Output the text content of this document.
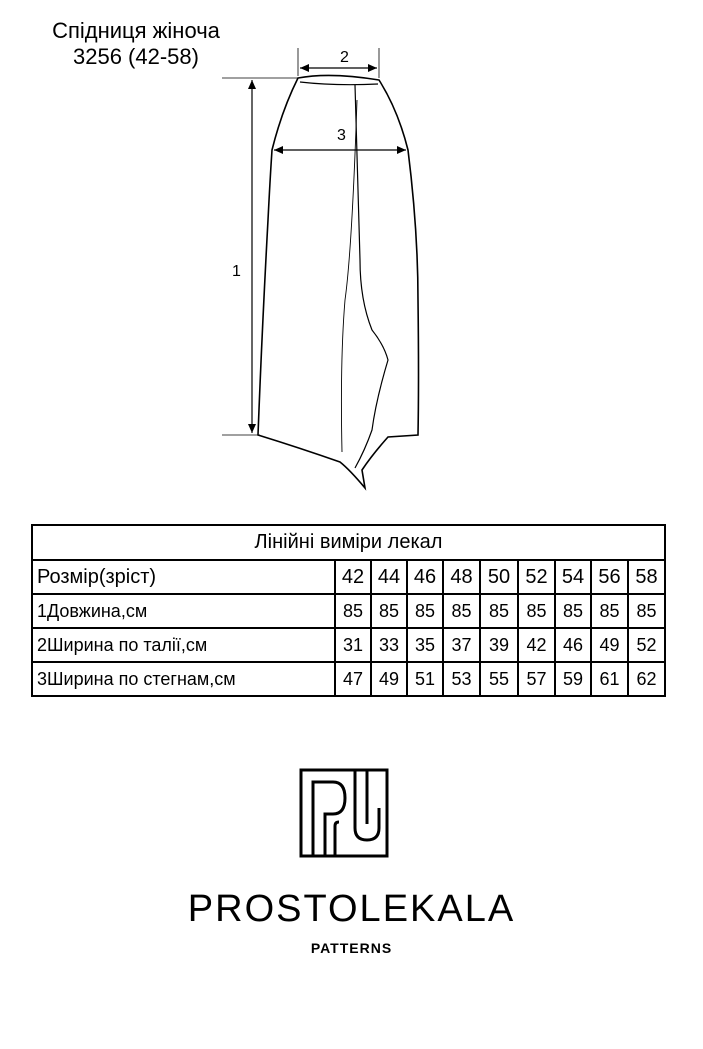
Спідниця жіноча
3256 (42-58)
1
2
3
Лінійні виміри лекал									
Розмір(зріст)	42	44	46	48	50	52	54	56	58
1Довжина,см	85	85	85	85	85	85	85	85	85
2Ширина по талії,см	31	33	35	37	39	42	46	49	52
3Ширина по стегнам,см	47	49	51	53	55	57	59	61	62
PROSTOLEKALA
PATTERNS
